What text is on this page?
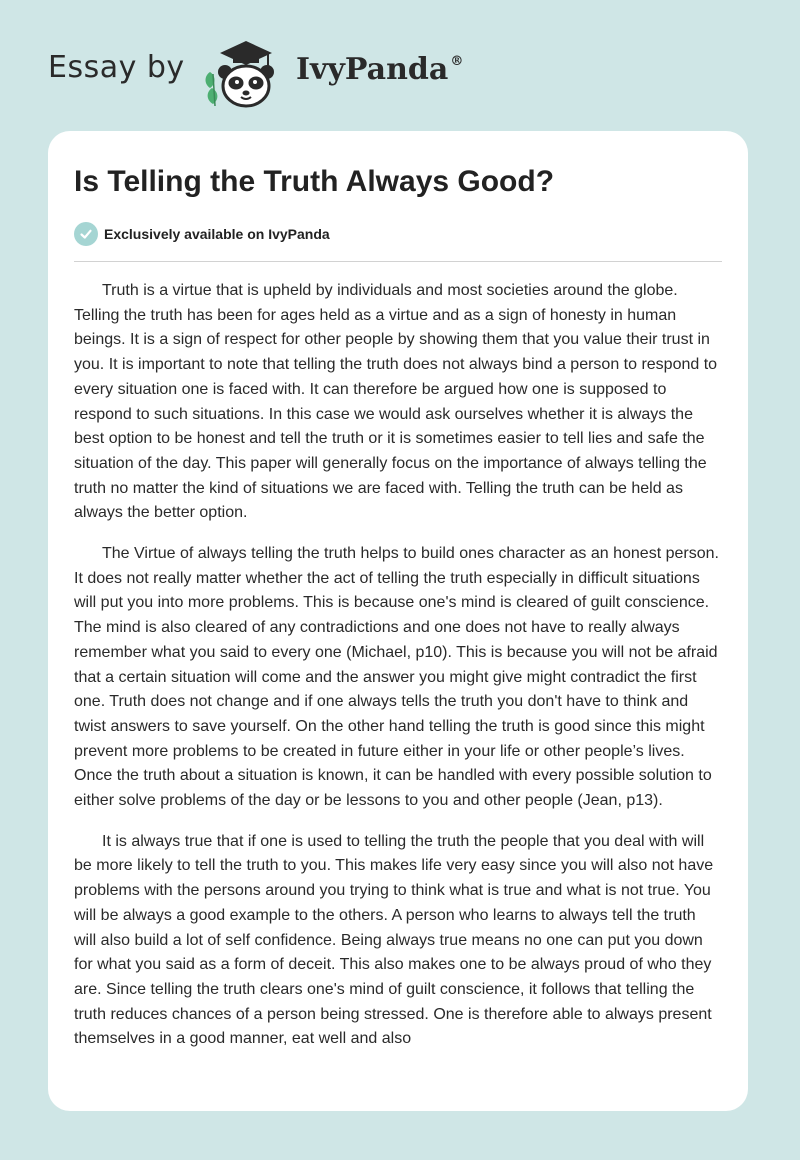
Essay by	IvyPanda ®
Is Telling the Truth Always Good?
Exclusively available on IvyPanda

Truth is a virtue that is upheld by individuals and most societies around the globe. Telling the truth has been for ages held as a virtue and as a sign of honesty in human beings. It is a sign of respect for other people by showing them that you value their trust in you. It is important to note that telling the truth does not always bind a person to respond to every situation one is faced with. It can therefore be argued how one is supposed to respond to such situations. In this case we would ask ourselves whether it is always the best option to be honest and tell the truth or it is sometimes easier to tell lies and safe the situation of the day. This paper will generally focus on the importance of always telling the truth no matter the kind of situations we are faced with. Telling the truth can be held as always the better option.

The Virtue of always telling the truth helps to build ones character as an honest person. It does not really matter whether the act of telling the truth especially in difficult situations will put you into more problems. This is because one's mind is cleared of guilt conscience. The mind is also cleared of any contradictions and one does not have to really always remember what you said to every one (Michael, p10). This is because you will not be afraid that a certain situation will come and the answer you might give might contradict the first one. Truth does not change and if one always tells the truth you don't have to think and twist answers to save yourself. On the other hand telling the truth is good since this might prevent more problems to be created in future either in your life or other people’s lives. Once the truth about a situation is known, it can be handled with every possible solution to either solve problems of the day or be lessons to you and other people (Jean, p13).

It is always true that if one is used to telling the truth the people that you deal with will be more likely to tell the truth to you. This makes life very easy since you will also not have problems with the persons around you trying to think what is true and what is not true. You will be always a good example to the others. A person who learns to always tell the truth will also build a lot of self confidence. Being always true means no one can put you down for what you said as a form of deceit. This also makes one to be always proud of who they are. Since telling the truth clears one's mind of guilt conscience, it follows that telling the truth reduces chances of a person being stressed. One is therefore able to always present themselves in a good manner, eat well and also
